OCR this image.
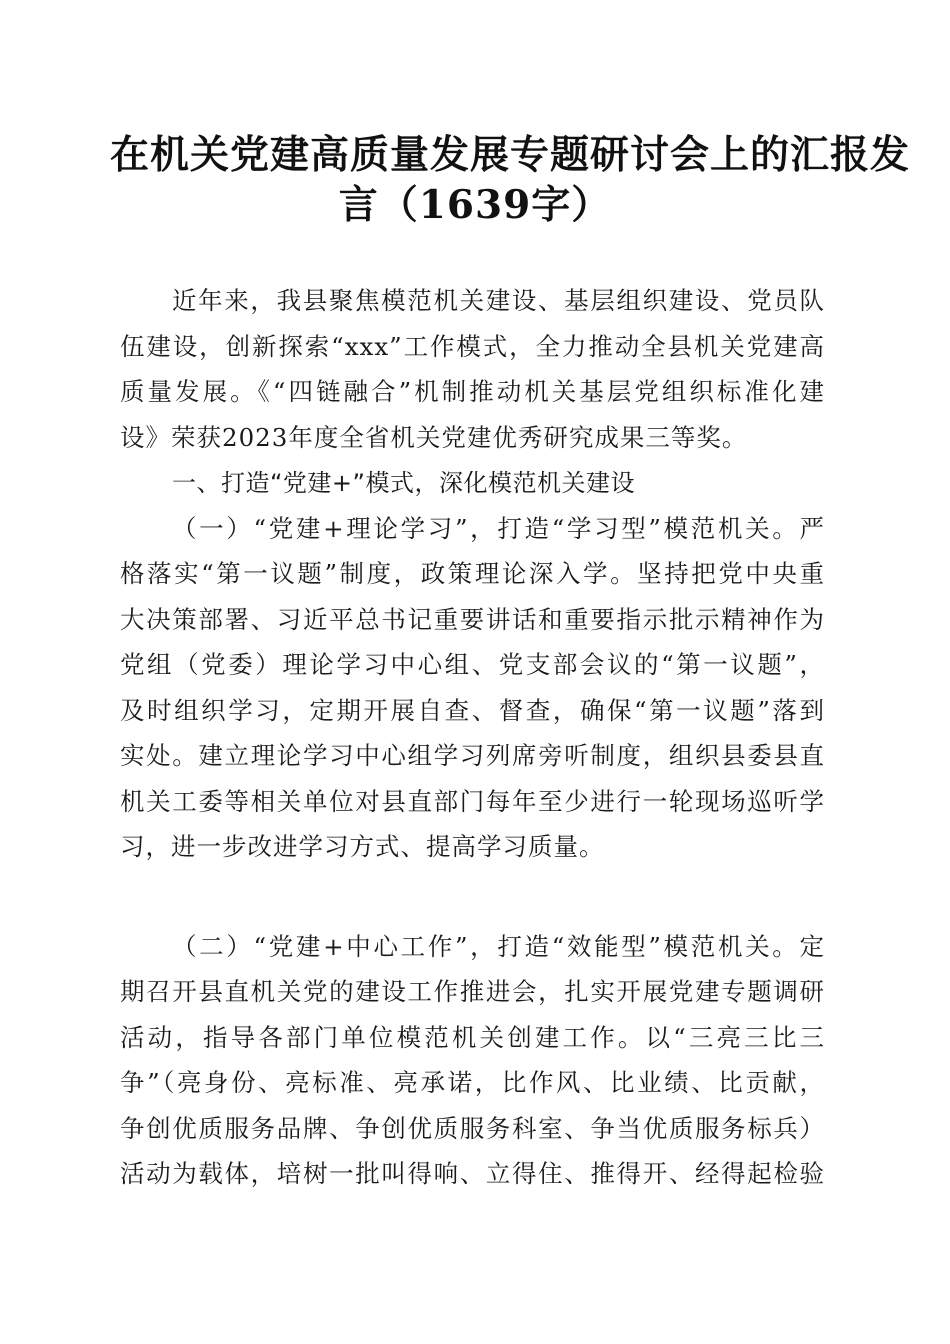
在机关党建高质量发展专题研讨会上的汇报发
言（1639字）
近年来，我县聚焦模范机关建设、基层组织建设、党员队
伍建设，创新探索“xxx”工作模式，全力推动全县机关党建高
质量发展。《“四链融合”机制推动机关基层党组织标准化建
设》荣获2023年度全省机关党建优秀研究成果三等奖。
一、打造“党建+”模式，深化模范机关建设
（一）“党建+理论学习”，打造“学习型”模范机关。严
格落实“第一议题”制度，政策理论深入学。坚持把党中央重
大决策部署、习近平总书记重要讲话和重要指示批示精神作为
党组（党委）理论学习中心组、党支部会议的“第一议题”，
及时组织学习，定期开展自查、督查，确保“第一议题”落到
实处。建立理论学习中心组学习列席旁听制度，组织县委县直
机关工委等相关单位对县直部门每年至少进行一轮现场巡听学
习，进一步改进学习方式、提高学习质量。
（二）“党建+中心工作”，打造“效能型”模范机关。定
期召开县直机关党的建设工作推进会，扎实开展党建专题调研
活动，指导各部门单位模范机关创建工作。以“三亮三比三
争”（亮身份、亮标准、亮承诺，比作风、比业绩、比贡献，
争创优质服务品牌、争创优质服务科室、争当优质服务标兵）
活动为载体，培树一批叫得响、立得住、推得开、经得起检验
